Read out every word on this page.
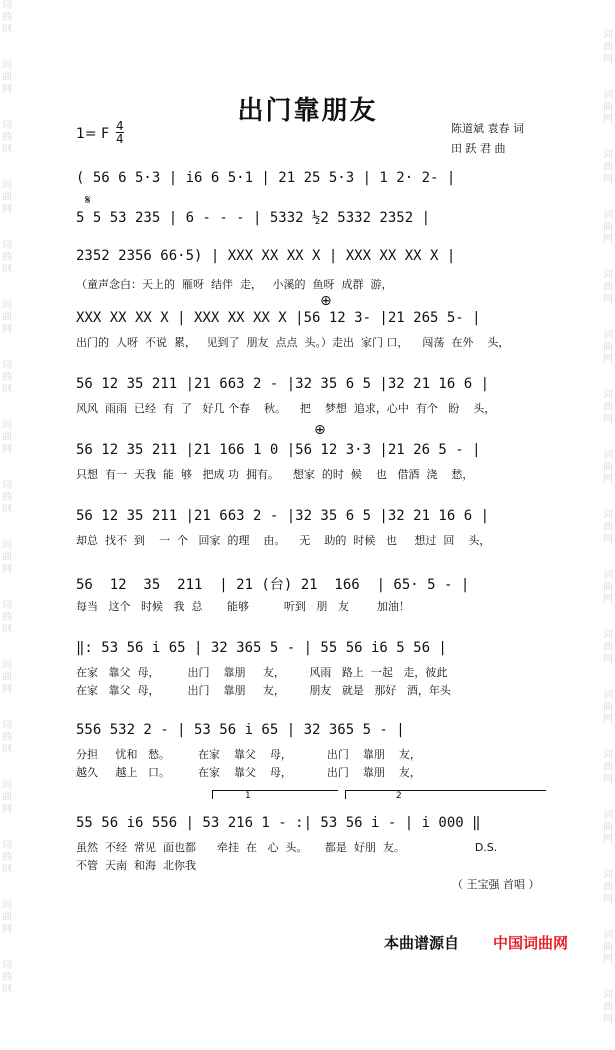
词曲网
词曲网
词曲网
词曲网
词曲网
词曲网
词曲网
词曲网
词曲网
词曲网
词曲网
词曲网
词曲网
词曲网
词曲网
词曲网
词曲网
词曲网
词曲网
词曲网
词曲网
词曲网
词曲网
词曲网
词曲网
词曲网
词曲网
词曲网
词曲网
词曲网
词曲网
词曲网
词曲网
词曲网
出门靠朋友
1= F 4
4
陈道斌 袁春 词
田 跃 君 曲
⊕
⊕
𝄋
( 56 6 5·3 | i6 6 5·1 | 21 25 5·3 | 1 2· 2- |
5 5 53 235 | 6 - - - | 5332 ½2 5332 2352 |
2352 2356 66·5) | XXX XX XX X | XXX XX XX X |
（童声念白：天上的  雁呀  结伴  走，   小溪的  鱼呀  成群  游，
XXX XX XX X | XXX XX XX X |56 12 3- |21 265 5- |
出门的  人呀  不说  累，   见到了  朋友  点点  头。）走出  家门 口，    闯荡  在外    头，
56 12 35 211 |21 663 2 - |32 35 6 5 |32 21 16 6 |
风风  雨雨  已经  有  了   好几 个春    秋。    把    梦想  追求，心中  有个   盼    头，
56 12 35 211 |21 166 1 0 |56 12 3·3 |21 26 5 - |
只想  有一  天我  能  够   把成 功  拥有。    想家  的时  候    也   借酒  浇    愁，
56 12 35 211 |21 663 2 - |32 35 6 5 |32 21 16 6 |
却总  找不  到    一  个   回家  的理    由。    无    助的  时候   也     想过  回    头，
56  12  35  211  | 21 (台) 21  166  | 65· 5 - |
每当   这个   时候   我  总       能够          听到   朋   友        加油！
‖: 53 56 i 65 | 32 365 5 - | 55 56 i6 5 56 |
在家   靠父  母，        出门    靠朋     友，       风雨   路上  一起   走，彼此
在家   靠父  母，        出门    靠朋     友，       朋友   就是   那好   酒，年头
556 532 2 - | 53 56 i 65 | 32 365 5 - |
分担     忧和   愁。        在家    靠父    母，          出门    靠朋    友，
越久     越上   口。        在家    靠父    母，          出门    靠朋    友，
55 56 i6 556 | 53 216 1 - :| 53 56 i - | i 000 ‖
虽然  不经  常见  面也都      牵挂  在   心  头。     都是  好朋  友。                    D.S.
不管  天南  和海  北你我
1	2
（ 王宝强 首唱 ）
本曲谱源自 中国词曲网
